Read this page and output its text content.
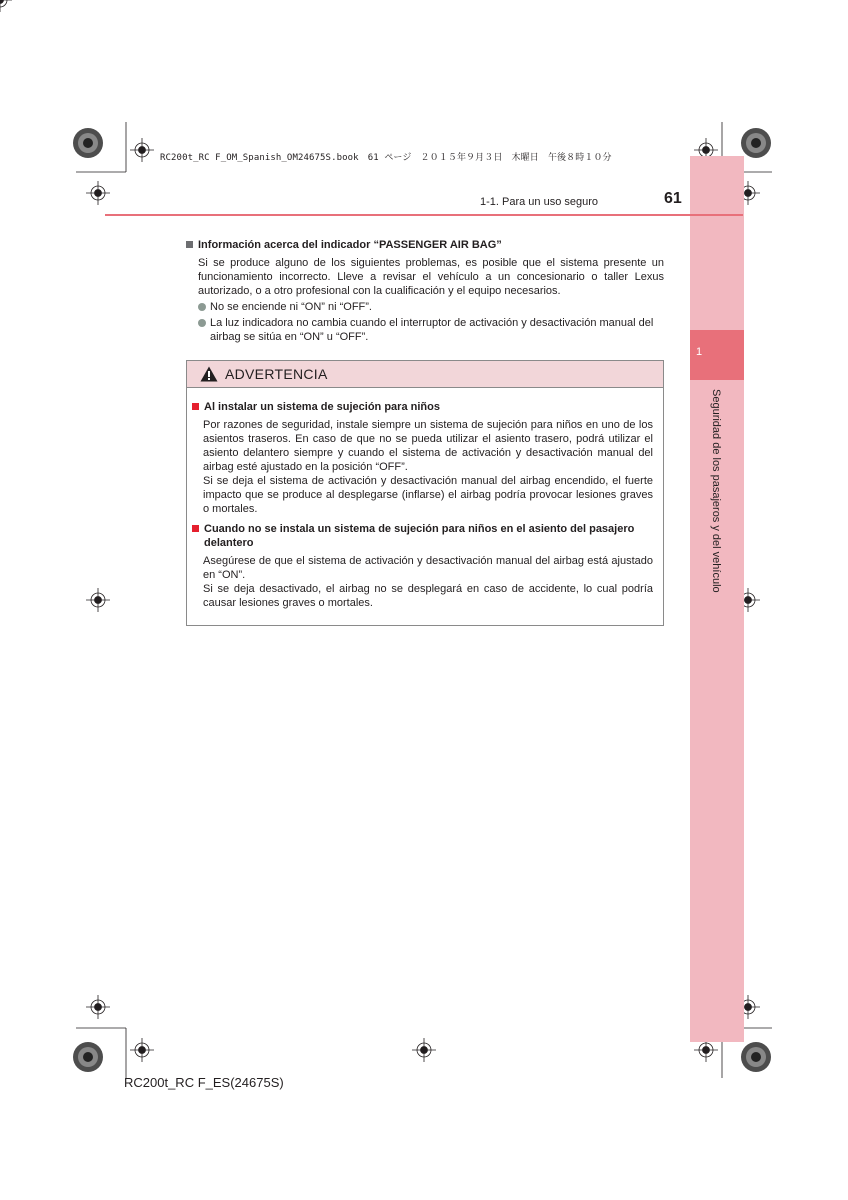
RC200t_RC F_OM_Spanish_OM24675S.book　61 ページ　２０１５年９月３日　木曜日　午後８時１０分
1
Seguridad de los pasajeros y del vehículo
1-1. Para un uso seguro	61
Información acerca del indicador “PASSENGER AIR BAG”
Si se produce alguno de los siguientes problemas, es posible que el sistema presente un funcionamiento incorrecto. Lleve a revisar el vehículo a un concesionario o taller Lexus autorizado, o a otro profesional con la cualificación y el equipo necesarios.
No se enciende ni “ON” ni “OFF”.
La luz indicadora no cambia cuando el interruptor de activación y desactivación manual del airbag se sitúa en “ON” u “OFF”.
ADVERTENCIA
Al instalar un sistema de sujeción para niños
Por razones de seguridad, instale siempre un sistema de sujeción para niños en uno de los asientos traseros. En caso de que no se pueda utilizar el asiento trasero, podrá utilizar el asiento delantero siempre y cuando el sistema de activación y desactivación manual del airbag esté ajustado en la posición “OFF”.
Si se deja el sistema de activación y desactivación manual del airbag encendido, el fuerte impacto que se produce al desplegarse (inflarse) el airbag podría provocar lesiones graves o mortales.
Cuando no se instala un sistema de sujeción para niños en el asiento del pasajero delantero
Asegúrese de que el sistema de activación y desactivación manual del airbag está ajustado en “ON”.
Si se deja desactivado, el airbag no se desplegará en caso de accidente, lo cual podría causar lesiones graves o mortales.
RC200t_RC F_ES(24675S)
